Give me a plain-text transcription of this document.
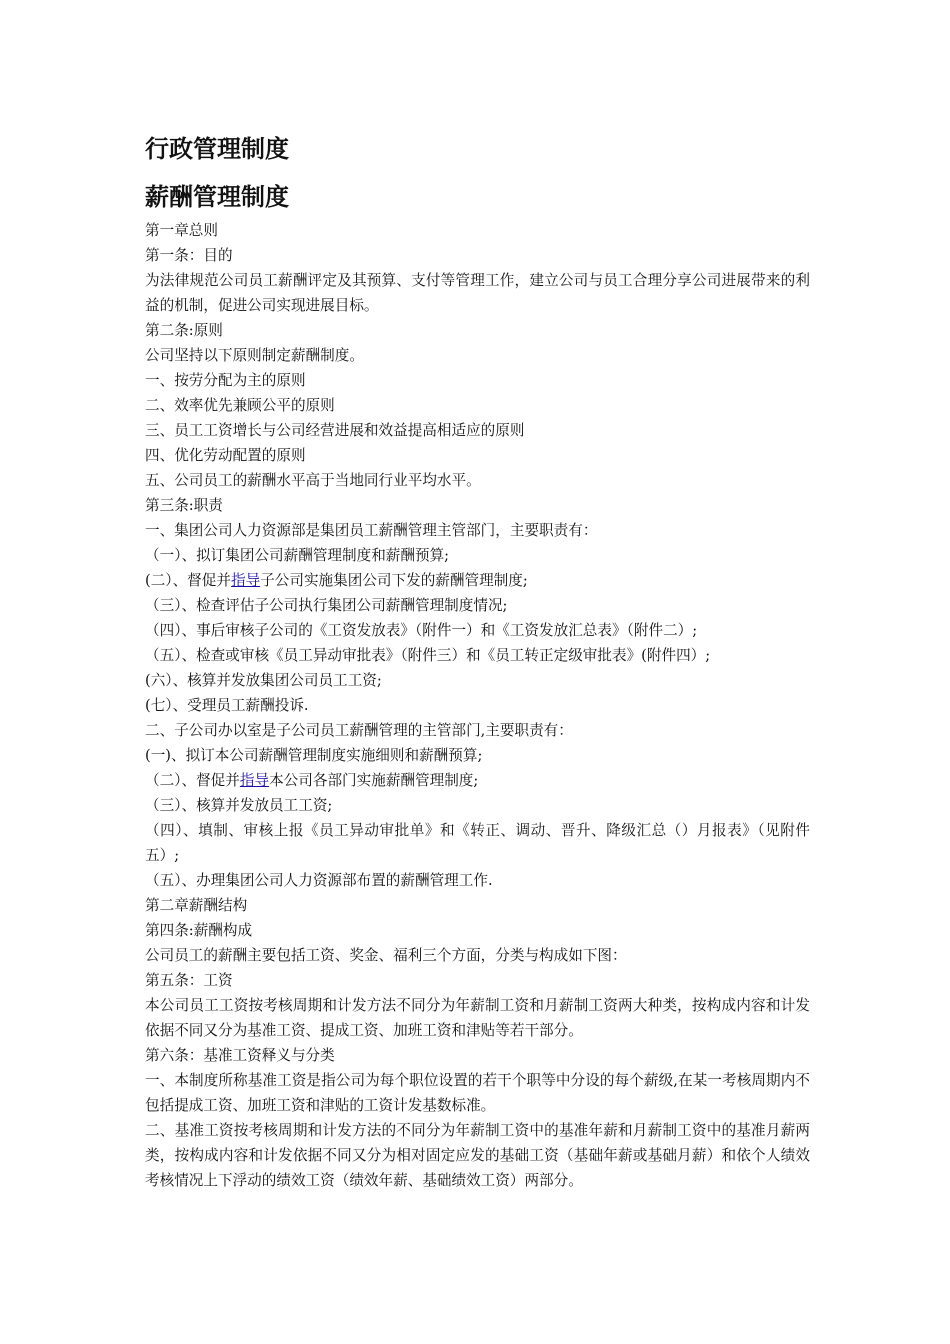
行政管理制度
薪酬管理制度

第一章总则

第一条：目的

为法律规范公司员工薪酬评定及其预算、支付等管理工作，建立公司与员工合理分享公司进展带来的利益的机制，促进公司实现进展目标。

第二条:原则

公司坚持以下原则制定薪酬制度。

一、按劳分配为主的原则

二、效率优先兼顾公平的原则

三、员工工资增长与公司经营进展和效益提高相适应的原则

四、优化劳动配置的原则

五、公司员工的薪酬水平高于当地同行业平均水平。

第三条:职责

一、集团公司人力资源部是集团员工薪酬管理主管部门，主要职责有：

（一）、拟订集团公司薪酬管理制度和薪酬预算;

(二）、督促并指导子公司实施集团公司下发的薪酬管理制度;

（三）、检查评估子公司执行集团公司薪酬管理制度情况;

（四）、事后审核子公司的《工资发放表》（附件一）和《工资发放汇总表》（附件二）;

（五）、检查或审核《员工异动审批表》（附件三）和《员工转正定级审批表》(附件四）;

(六）、核算并发放集团公司员工工资;

(七）、受理员工薪酬投诉.

二、子公司办以室是子公司员工薪酬管理的主管部门,主要职责有：

(一)、拟订本公司薪酬管理制度实施细则和薪酬预算;

（二）、督促并指导本公司各部门实施薪酬管理制度;

（三）、核算并发放员工工资;

（四）、填制、审核上报《员工异动审批单》和《转正、调动、晋升、降级汇总（）月报表》（见附件五）;

（五）、办理集团公司人力资源部布置的薪酬管理工作.

第二章薪酬结构

第四条:薪酬构成

公司员工的薪酬主要包括工资、奖金、福利三个方面，分类与构成如下图：

第五条：工资

本公司员工工资按考核周期和计发方法不同分为年薪制工资和月薪制工资两大种类，按构成内容和计发依据不同又分为基准工资、提成工资、加班工资和津贴等若干部分。

第六条：基准工资释义与分类

一、本制度所称基准工资是指公司为每个职位设置的若干个职等中分设的每个薪级,在某一考核周期内不包括提成工资、加班工资和津贴的工资计发基数标准。

二、基准工资按考核周期和计发方法的不同分为年薪制工资中的基准年薪和月薪制工资中的基准月薪两类，按构成内容和计发依据不同又分为相对固定应发的基础工资（基础年薪或基础月薪）和依个人绩效考核情况上下浮动的绩效工资（绩效年薪、基础绩效工资）两部分。
